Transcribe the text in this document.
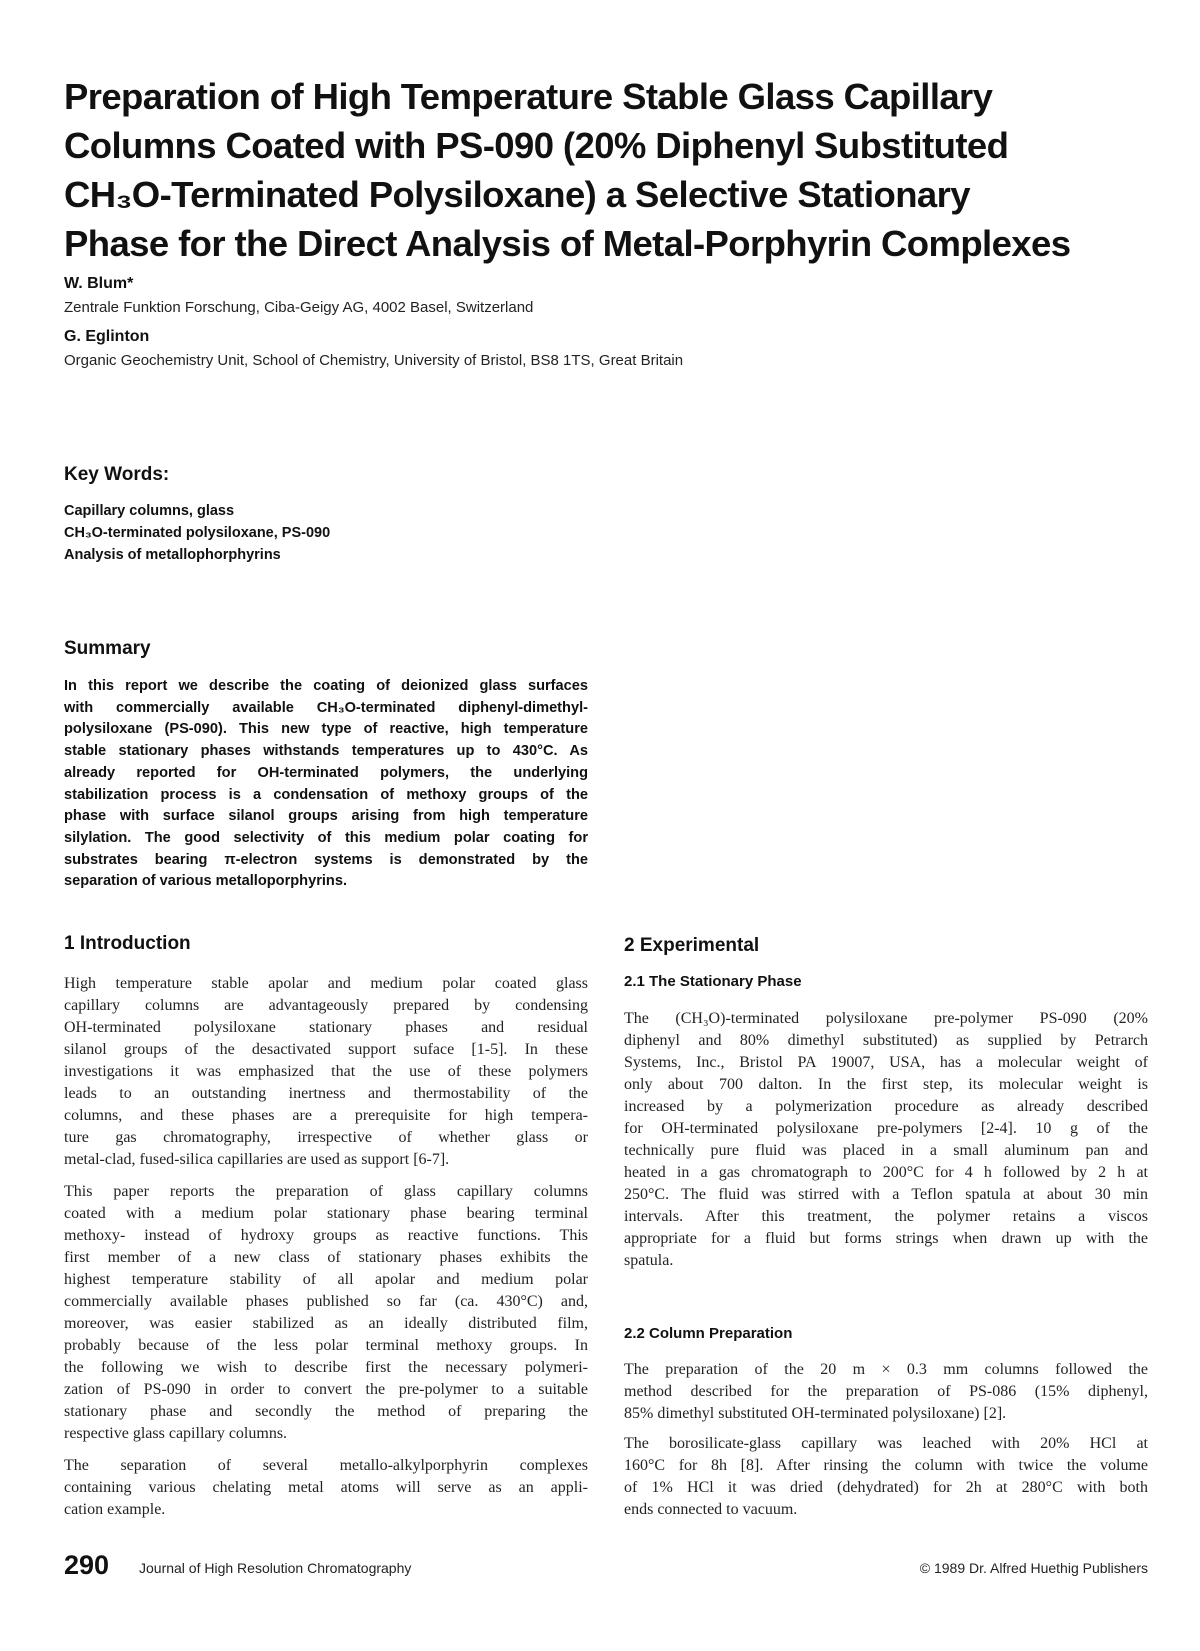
Preparation of High Temperature Stable Glass Capillary
Columns Coated with PS-090 (20% Diphenyl Substituted
CH₃O-Terminated Polysiloxane) a Selective Stationary
Phase for the Direct Analysis of Metal-Porphyrin Complexes
W. Blum*
Zentrale Funktion Forschung, Ciba-Geigy AG, 4002 Basel, Switzerland
G. Eglinton
Organic Geochemistry Unit, School of Chemistry, University of Bristol, BS8 1TS, Great Britain
Key Words:
Capillary columns, glass
CH₃O-terminated polysiloxane, PS-090
Analysis of metallophorphyrins
Summary
In this report we describe the coating of deionized glass surfaces
with commercially available CH₃O-terminated diphenyl-dimethyl-
polysiloxane (PS-090). This new type of reactive, high temperature
stable stationary phases withstands temperatures up to 430°C. As
already reported for OH-terminated polymers, the underlying
stabilization process is a condensation of methoxy groups of the
phase with surface silanol groups arising from high temperature
silylation. The good selectivity of this medium polar coating for
substrates bearing π-electron systems is demonstrated by the
separation of various metalloporphyrins.
1 Introduction
High temperature stable apolar and medium polar coated glass
capillary columns are advantageously prepared by condensing
OH-terminated polysiloxane stationary phases and residual
silanol groups of the desactivated support suface [1-5]. In these
investigations it was emphasized that the use of these polymers
leads to an outstanding inertness and thermostability of the
columns, and these phases are a prerequisite for high tempera-
ture gas chromatography, irrespective of whether glass or
metal-clad, fused-silica capillaries are used as support [6-7].
This paper reports the preparation of glass capillary columns
coated with a medium polar stationary phase bearing terminal
methoxy- instead of hydroxy groups as reactive functions. This
first member of a new class of stationary phases exhibits the
highest temperature stability of all apolar and medium polar
commercially available phases published so far (ca. 430°C) and,
moreover, was easier stabilized as an ideally distributed film,
probably because of the less polar terminal methoxy groups. In
the following we wish to describe first the necessary polymeri-
zation of PS-090 in order to convert the pre-polymer to a suitable
stationary phase and secondly the method of preparing the
respective glass capillary columns.
The separation of several metallo-alkylporphyrin complexes
containing various chelating metal atoms will serve as an appli-
cation example.
2 Experimental
2.1 The Stationary Phase
The (CH₃O)-terminated polysiloxane pre-polymer PS-090 (20%
diphenyl and 80% dimethyl substituted) as supplied by Petrarch
Systems, Inc., Bristol PA 19007, USA, has a molecular weight of
only about 700 dalton. In the first step, its molecular weight is
increased by a polymerization procedure as already described
for OH-terminated polysiloxane pre-polymers [2-4]. 10 g of the
technically pure fluid was placed in a small aluminum pan and
heated in a gas chromatograph to 200°C for 4 h followed by 2 h at
250°C. The fluid was stirred with a Teflon spatula at about 30 min
intervals. After this treatment, the polymer retains a viscos
appropriate for a fluid but forms strings when drawn up with the
spatula.
2.2 Column Preparation
The preparation of the 20 m × 0.3 mm columns followed the
method described for the preparation of PS-086 (15% diphenyl,
85% dimethyl substituted OH-terminated polysiloxane) [2].
The borosilicate-glass capillary was leached with 20% HCl at
160°C for 8h [8]. After rinsing the column with twice the volume
of 1% HCl it was dried (dehydrated) for 2h at 280°C with both
ends connected to vacuum.
290 Journal of High Resolution Chromatography	© 1989 Dr. Alfred Huethig Publishers
